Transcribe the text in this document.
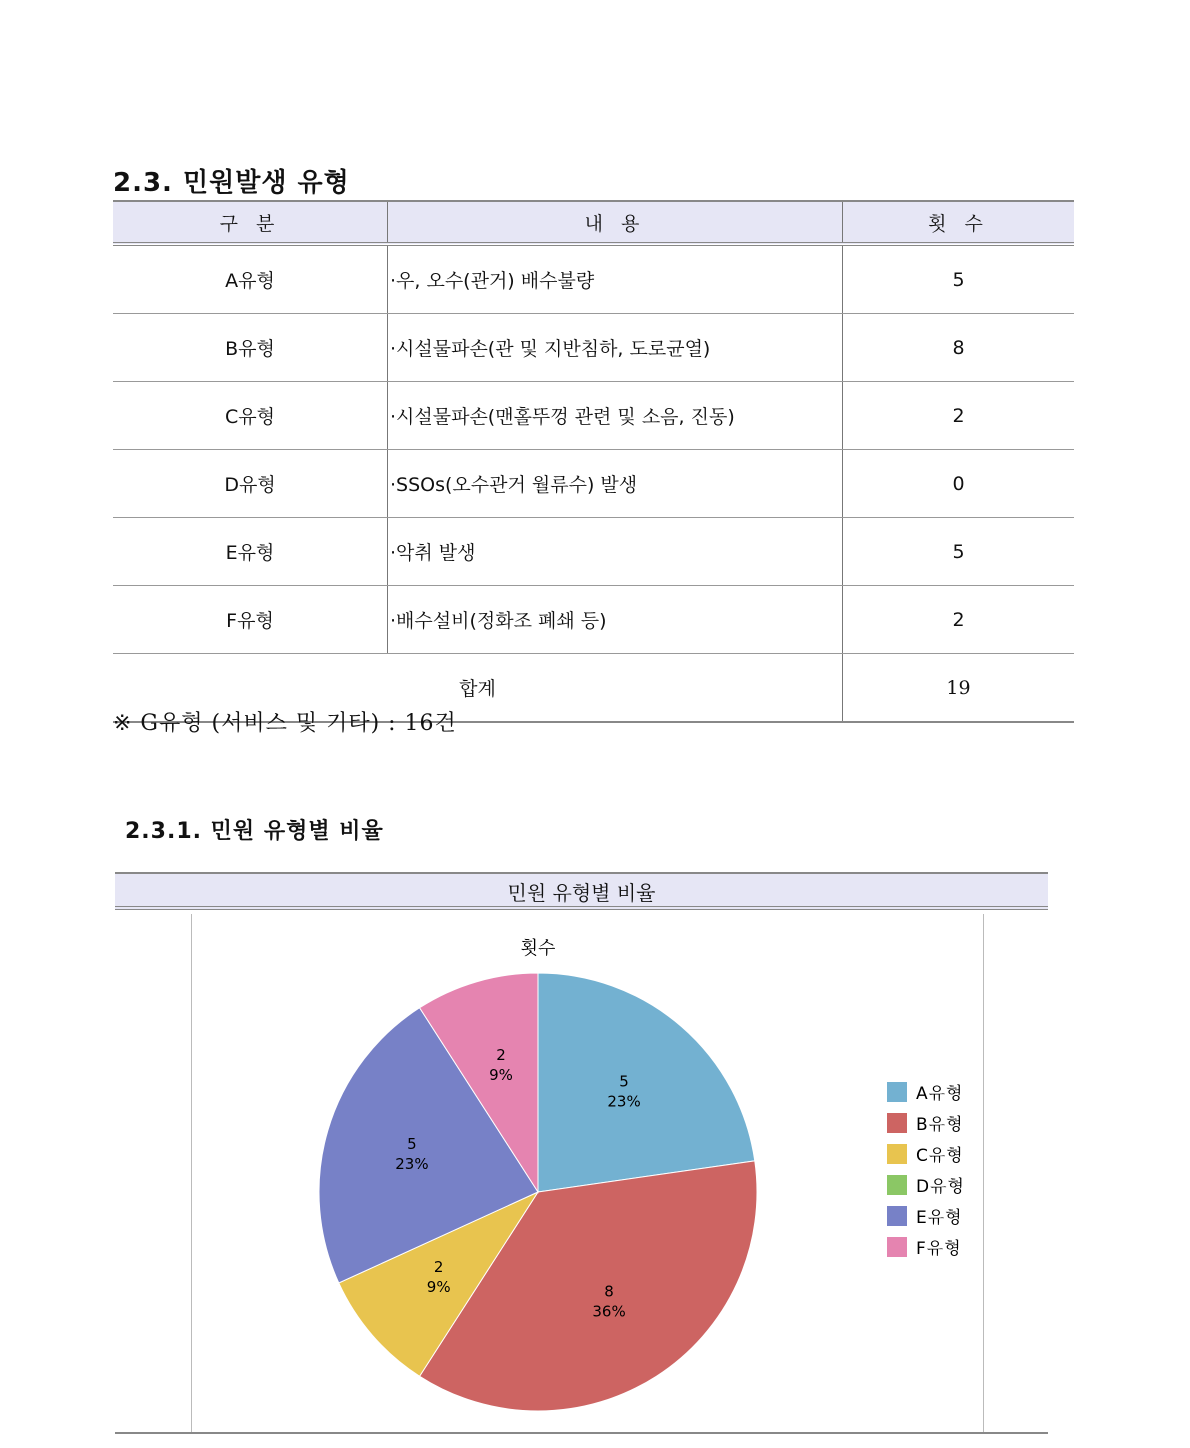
2.3. 민원발생 유형
구 분	내 용	횟 수
A유형	·우, 오수(관거) 배수불량	5
B유형	·시설물파손(관 및 지반침하, 도로균열)	8
C유형	·시설물파손(맨홀뚜껑 관련 및 소음, 진동)	2
D유형	·SSOs(오수관거 월류수) 발생	0
E유형	·악취 발생	5
F유형	·배수설비(정화조 폐쇄 등)	2
합계		19
※ G유형 (서비스 및 기타) : 16건
2.3.1. 민원 유형별 비율
민원 유형별 비율
횟수
5
23%
8
36%
2
9%
5
23%
2
9%
A유형
B유형
C유형
D유형
E유형
F유형
